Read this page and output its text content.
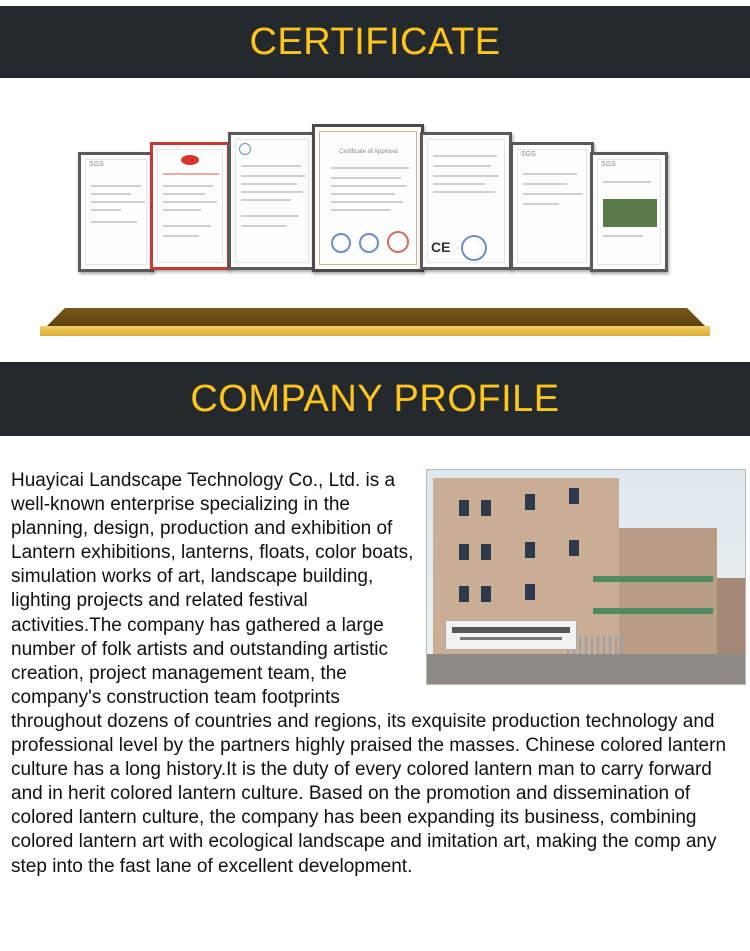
CERTIFICATE
SGS
Certificate of Approval
CE
SGS
SGS
COMPANY PROFILE

Huayicai Landscape Technology Co., Ltd. is a well-known enterprise specializing in the planning, design, production and exhibition of Lantern exhibitions, lanterns, floats, color boats, simulation works of art, landscape building, lighting projects and related festival activities.The company has gathered a large number of folk artists and outstanding artistic creation, project management team, the company's construction team footprints throughout dozens of countries and regions, its exquisite production technology and professional level by the partners highly praised the masses. Chinese colored lantern culture has a long history.It is the duty of every colored lantern man to carry forward and in herit colored lantern culture. Based on the promotion and dissemination of colored lantern culture, the company has been expanding its business, combining colored lantern art with ecological landscape and imitation art, making the comp any step into the fast lane of excellent development.
